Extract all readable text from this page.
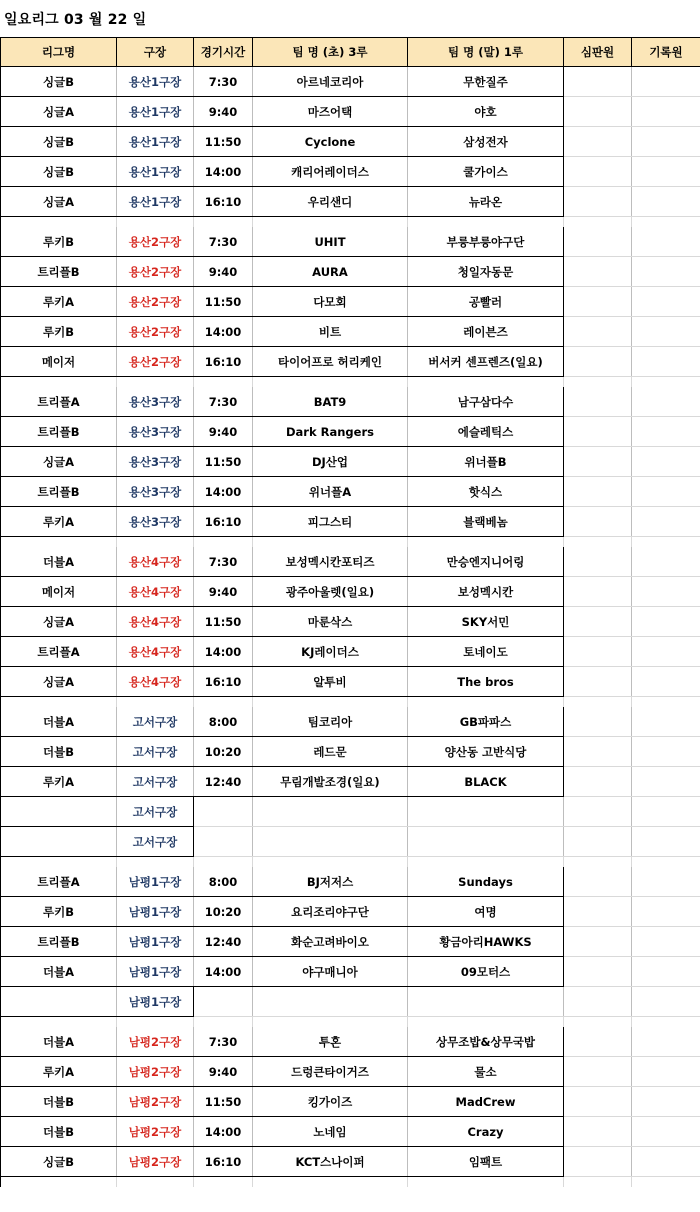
일요리그 03 월 22 일
리그명	구장	경기시간	팀 명 (초) 3루	팀 명 (말) 1루	심판원	기록원
싱글B	용산1구장	7:30	아르네코리아	무한질주		
싱글A	용산1구장	9:40	마즈어택	야호		
싱글B	용산1구장	11:50	Cyclone	삼성전자		
싱글B	용산1구장	14:00	캐리어레이더스	쿨가이스		
싱글A	용산1구장	16:10	우리샌디	뉴라온		

루키B	용산2구장	7:30	UHIT	부릉부릉야구단		
트리플B	용산2구장	9:40	AURA	청일자동문		
루키A	용산2구장	11:50	다모회	공빨러		
루키B	용산2구장	14:00	비트	레이븐즈		
메이저	용산2구장	16:10	타이어프로 허리케인	버서커 센프렌즈(일요)		

트리플A	용산3구장	7:30	BAT9	남구삼다수		
트리플B	용산3구장	9:40	Dark Rangers	에슬레틱스		
싱글A	용산3구장	11:50	DJ산업	위너플B		
트리플B	용산3구장	14:00	위너플A	핫식스		
루키A	용산3구장	16:10	피그스티	블랙베놈		

더블A	용산4구장	7:30	보성멕시칸포티즈	만승엔지니어링		
메이저	용산4구장	9:40	광주아울렛(일요)	보성멕시칸		
싱글A	용산4구장	11:50	마룬삭스	SKY서민		
트리플A	용산4구장	14:00	KJ레이더스	토네이도		
싱글A	용산4구장	16:10	알투비	The bros		

더블A	고서구장	8:00	팀코리아	GB파파스		
더블B	고서구장	10:20	레드문	양산동 고반식당		
루키A	고서구장	12:40	무림개발조경(일요)	BLACK		
	고서구장					
	고서구장					

트리플A	남평1구장	8:00	BJ저저스	Sundays		
루키B	남평1구장	10:20	요리조리야구단	여명		
트리플B	남평1구장	12:40	화순고려바이오	황금아리HAWKS		
더블A	남평1구장	14:00	야구매니아	09모터스		
	남평1구장					

더블A	남평2구장	7:30	투혼	상무조밥&상무국밥		
루키A	남평2구장	9:40	드렁큰타이거즈	물소		
더블B	남평2구장	11:50	킹가이즈	MadCrew		
더블B	남평2구장	14:00	노네임	Crazy		
싱글B	남평2구장	16:10	KCT스나이퍼	임팩트		
